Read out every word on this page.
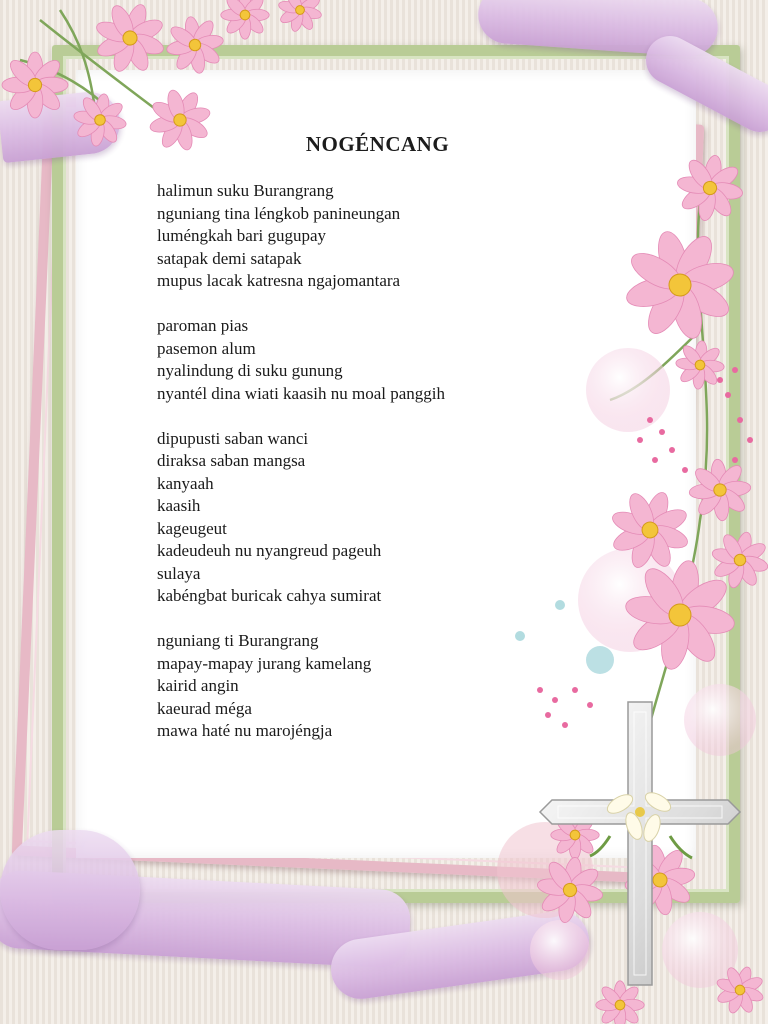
NOGÉNCANG
halimun suku Burangrang
nguniang tina léngkob panineungan
luméngkah bari gugupay
satapak demi satapak
mupus lacak katresna ngajomantara
paroman pias
pasemon alum
nyalindung di suku gunung
nyantél dina wiati kaasih nu moal panggih
dipupusti saban wanci
diraksa saban mangsa
kanyaah
kaasih
kageugeut
kadeudeuh nu nyangreud pageuh
sulaya
kabéngbat buricak cahya sumirat
nguniang ti Burangrang
mapay-mapay jurang kamelang
kairid angin
kaeurad méga
mawa haté nu marojéngja
